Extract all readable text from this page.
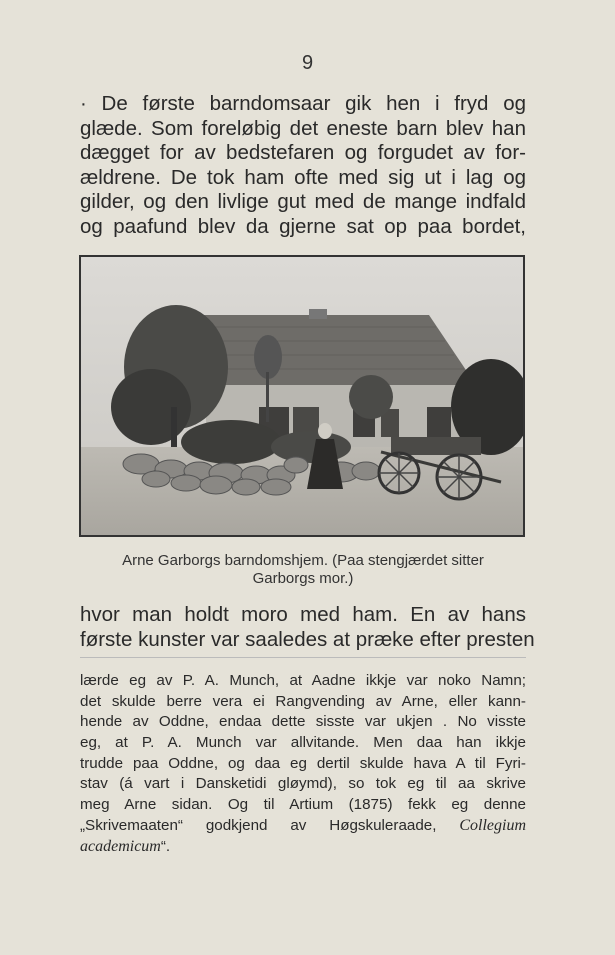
9
· De første barndomsaar gik hen i fryd og
glæde. Som foreløbig det eneste barn blev han
dægget for av bedstefaren og forgudet av for-
ældrene. De tok ham ofte med sig ut i lag og
gilder, og den livlige gut med de mange indfald
og paafund blev da gjerne sat op paa bordet,
Arne Garborgs barndomshjem. (Paa stengjærdet sitter
Garborgs mor.)
hvor man holdt moro med ham. En av hans
første kunster var saaledes at præke efter presten
lærde eg av P. A. Munch, at Aadne ikkje var noko Namn;
det skulde berre vera ei Rangvending av Arne, eller kann-
hende av Oddne, endaa dette sisste var ukjen . No visste
eg, at P. A. Munch var allvitande. Men daa han ikkje
trudde paa Oddne, og daa eg dertil skulde hava A til Fyri-
stav (á vart i Dansketidi gløymd), so tok eg til aa skrive
meg Arne sidan. Og til Artium (1875) fekk eg denne
„Skrivemaaten“ godkjend av Høgskuleraade, Collegium
academicum“.
